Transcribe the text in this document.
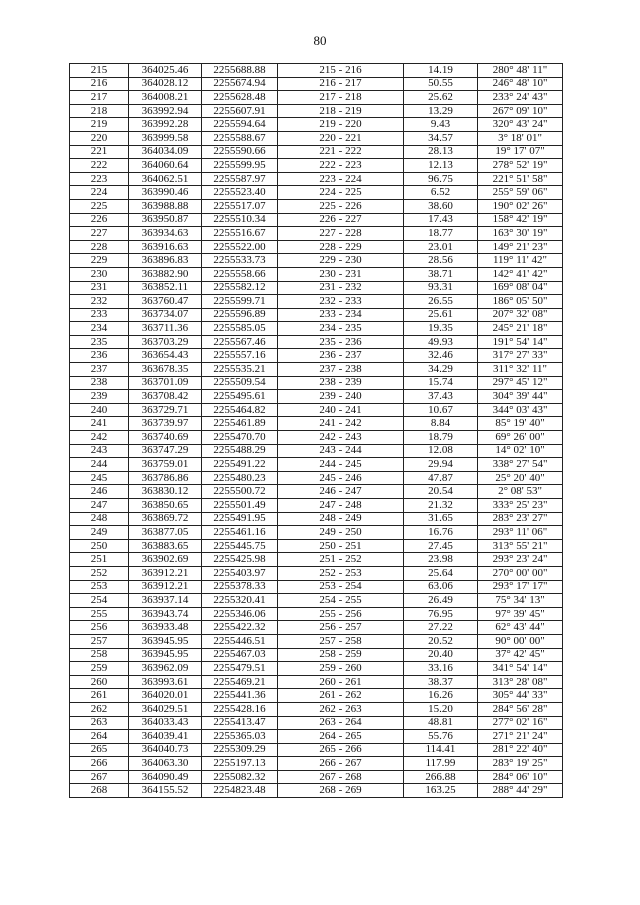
80
215	364025.46	2255688.88	215 - 216	14.19	280° 48' 11"
216	364028.12	2255674.94	216 - 217	50.55	246° 48' 10"
217	364008.21	2255628.48	217 - 218	25.62	233° 24' 43"
218	363992.94	2255607.91	218 - 219	13.29	267° 09' 10"
219	363992.28	2255594.64	219 - 220	9.43	320° 43' 24"
220	363999.58	2255588.67	220 - 221	34.57	3° 18' 01"
221	364034.09	2255590.66	221 - 222	28.13	19° 17' 07"
222	364060.64	2255599.95	222 - 223	12.13	278° 52' 19"
223	364062.51	2255587.97	223 - 224	96.75	221° 51' 58"
224	363990.46	2255523.40	224 - 225	6.52	255° 59' 06"
225	363988.88	2255517.07	225 - 226	38.60	190° 02' 26"
226	363950.87	2255510.34	226 - 227	17.43	158° 42' 19"
227	363934.63	2255516.67	227 - 228	18.77	163° 30' 19"
228	363916.63	2255522.00	228 - 229	23.01	149° 21' 23"
229	363896.83	2255533.73	229 - 230	28.56	119° 11' 42"
230	363882.90	2255558.66	230 - 231	38.71	142° 41' 42"
231	363852.11	2255582.12	231 - 232	93.31	169° 08' 04"
232	363760.47	2255599.71	232 - 233	26.55	186° 05' 50"
233	363734.07	2255596.89	233 - 234	25.61	207° 32' 08"
234	363711.36	2255585.05	234 - 235	19.35	245° 21' 18"
235	363703.29	2255567.46	235 - 236	49.93	191° 54' 14"
236	363654.43	2255557.16	236 - 237	32.46	317° 27' 33"
237	363678.35	2255535.21	237 - 238	34.29	311° 32' 11"
238	363701.09	2255509.54	238 - 239	15.74	297° 45' 12"
239	363708.42	2255495.61	239 - 240	37.43	304° 39' 44"
240	363729.71	2255464.82	240 - 241	10.67	344° 03' 43"
241	363739.97	2255461.89	241 - 242	8.84	85° 19' 40"
242	363740.69	2255470.70	242 - 243	18.79	69° 26' 00"
243	363747.29	2255488.29	243 - 244	12.08	14° 02' 10"
244	363759.01	2255491.22	244 - 245	29.94	338° 27' 54"
245	363786.86	2255480.23	245 - 246	47.87	25° 20' 40"
246	363830.12	2255500.72	246 - 247	20.54	2° 08' 53"
247	363850.65	2255501.49	247 - 248	21.32	333° 25' 23"
248	363869.72	2255491.95	248 - 249	31.65	283° 23' 27"
249	363877.05	2255461.16	249 - 250	16.76	293° 11' 06"
250	363883.65	2255445.75	250 - 251	27.45	313° 55' 21"
251	363902.69	2255425.98	251 - 252	23.98	293° 23' 24"
252	363912.21	2255403.97	252 - 253	25.64	270° 00' 00"
253	363912.21	2255378.33	253 - 254	63.06	293° 17' 17"
254	363937.14	2255320.41	254 - 255	26.49	75° 34' 13"
255	363943.74	2255346.06	255 - 256	76.95	97° 39' 45"
256	363933.48	2255422.32	256 - 257	27.22	62° 43' 44"
257	363945.95	2255446.51	257 - 258	20.52	90° 00' 00"
258	363945.95	2255467.03	258 - 259	20.40	37° 42' 45"
259	363962.09	2255479.51	259 - 260	33.16	341° 54' 14"
260	363993.61	2255469.21	260 - 261	38.37	313° 28' 08"
261	364020.01	2255441.36	261 - 262	16.26	305° 44' 33"
262	364029.51	2255428.16	262 - 263	15.20	284° 56' 28"
263	364033.43	2255413.47	263 - 264	48.81	277° 02' 16"
264	364039.41	2255365.03	264 - 265	55.76	271° 21' 24"
265	364040.73	2255309.29	265 - 266	114.41	281° 22' 40"
266	364063.30	2255197.13	266 - 267	117.99	283° 19' 25"
267	364090.49	2255082.32	267 - 268	266.88	284° 06' 10"
268	364155.52	2254823.48	268 - 269	163.25	288° 44' 29"
